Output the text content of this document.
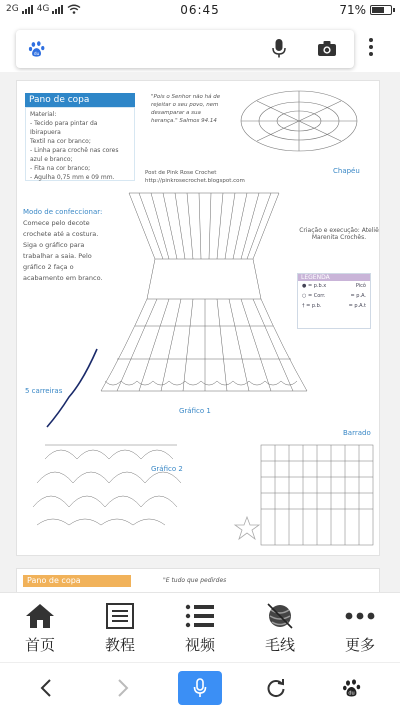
2G 4G	06:45	71%
du
Pano de copa
Material:
- Tecido para pintar da Ibirapuera
Textil na cor branco;
- Linha para crochê nas cores
azul e branco;
- Fita na cor branco;
- Agulha 0,75 mm e 09 mm.
"Pois o Senhor não há de rejeitar o seu povo, nem desamparar a sua herança." Salmos 94.14
Chapéu
Post de Pink Rose Crochet
http://pinkrosecrochet.blogspot.com
Modo de confeccionar:
Comece pelo decote crochete até a costura. Siga o gráfico para trabalhar a saia. Pelo gráfico 2 faça o acabamento em branco.
Criação e execução: Ateliê Marenita Crochês.
LEGENDA
● = p.b.x	Picô
○ = Corr.	= p.A.
† = p.b.	= p.A.t
5 carreiras
Gráfico 1
Gráfico 2
Barrado
Pano de copa	"E tudo que pedirdes
首页	教程	视频	毛线	更多
du
